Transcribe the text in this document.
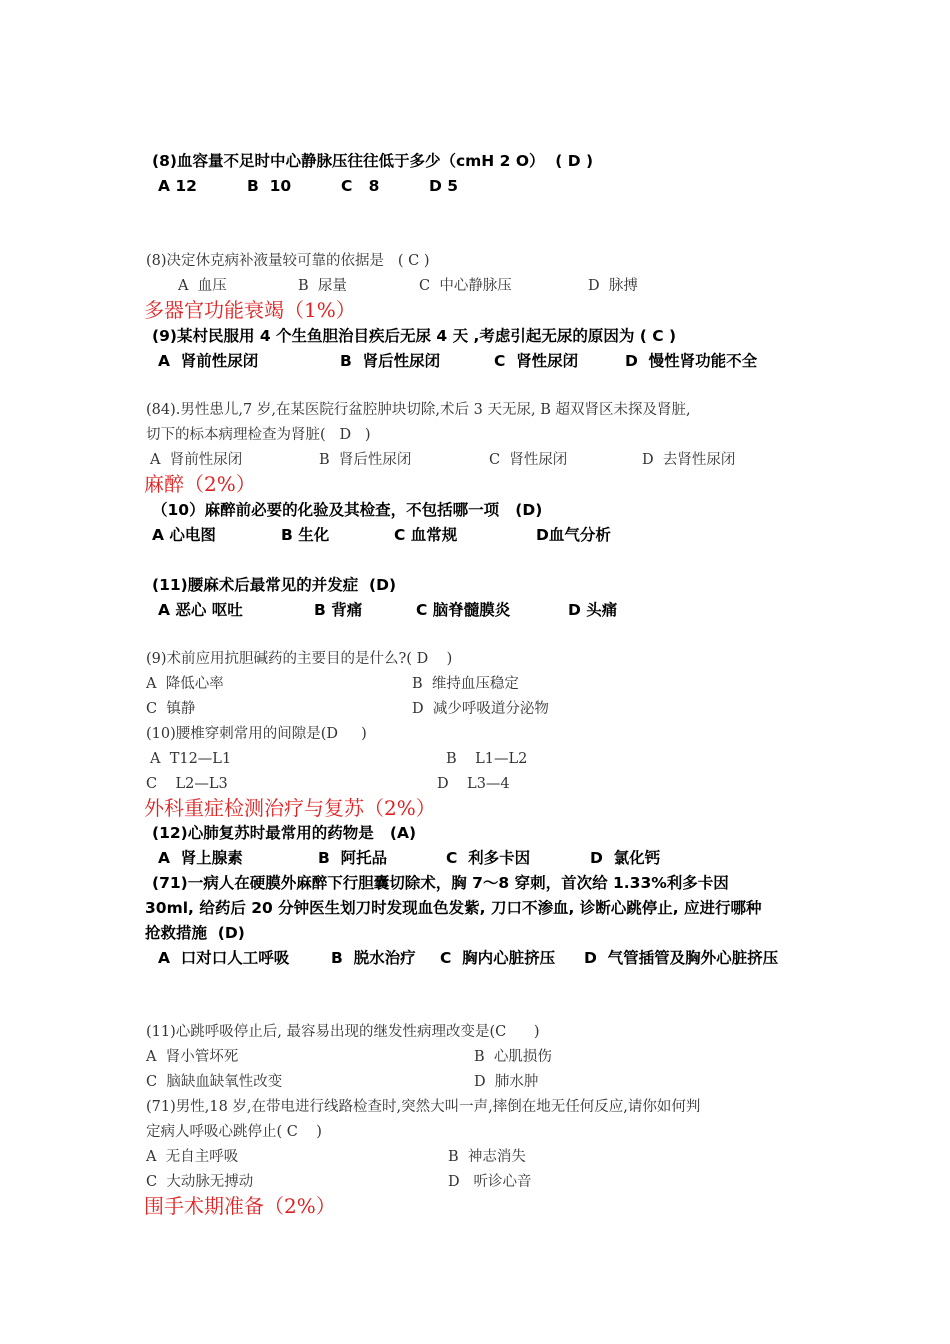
(8)血容量不足时中心静脉压往往低于多少（cmH 2 O）  ( D )
A 12	B  10	C   8	D 5
(8)决定休克病补液量较可靠的依据是   ( C )
A  血压	B  尿量	C  中心静脉压	D  脉搏
多器官功能衰竭（1%）
(9)某村民服用 4 个生鱼胆治目疾后无尿 4 天 ,考虑引起无尿的原因为 ( C )
A  肾前性尿闭	B  肾后性尿闭	C  肾性尿闭	D  慢性肾功能不全
(84).男性患儿,7 岁,在某医院行盆腔肿块切除,术后 3 天无尿, B 超双肾区未探及肾脏,
切下的标本病理检查为肾脏(   D   )
A  肾前性尿闭	B  肾后性尿闭	C  肾性尿闭	D  去肾性尿闭
麻醉（2%）
（10）麻醉前必要的化验及其检查，不包括哪一项   (D)
A 心电图	B 生化	C 血常规	D血气分析
(11)腰麻术后最常见的并发症  (D)
A 恶心 呕吐	B 背痛	C 脑脊髓膜炎	D 头痛
(9)术前应用抗胆碱药的主要目的是什么?( D    )
A  降低心率	B  维持血压稳定
C  镇静	D  减少呼吸道分泌物
(10)腰椎穿刺常用的间隙是(D     )
A  T12—L1	B    L1—L2
C    L2—L3	D    L3—4
外科重症检测治疗与复苏（2%）
(12)心肺复苏时最常用的药物是   (A)
A  肾上腺素	B  阿托品	C  利多卡因	D  氯化钙
(71)一病人在硬膜外麻醉下行胆囊切除术，胸 7～8 穿刺，首次给 1.33%利多卡因
30ml, 给药后 20 分钟医生划刀时发现血色发紫, 刀口不渗血, 诊断心跳停止, 应进行哪种
抢救措施  (D)
A  口对口人工呼吸	B  脱水治疗 C  胸内心脏挤压 D  气管插管及胸外心脏挤压
(11)心跳呼吸停止后, 最容易出现的继发性病理改变是(C      )
A  肾小管坏死	B  心肌损伤
C  脑缺血缺氧性改变	D  肺水肿
(71)男性,18 岁,在带电进行线路检查时,突然大叫一声,摔倒在地无任何反应,请你如何判
定病人呼吸心跳停止( C    )
A  无自主呼吸	B  神志消失
C  大动脉无搏动	D   听诊心音
围手术期准备（2%）
